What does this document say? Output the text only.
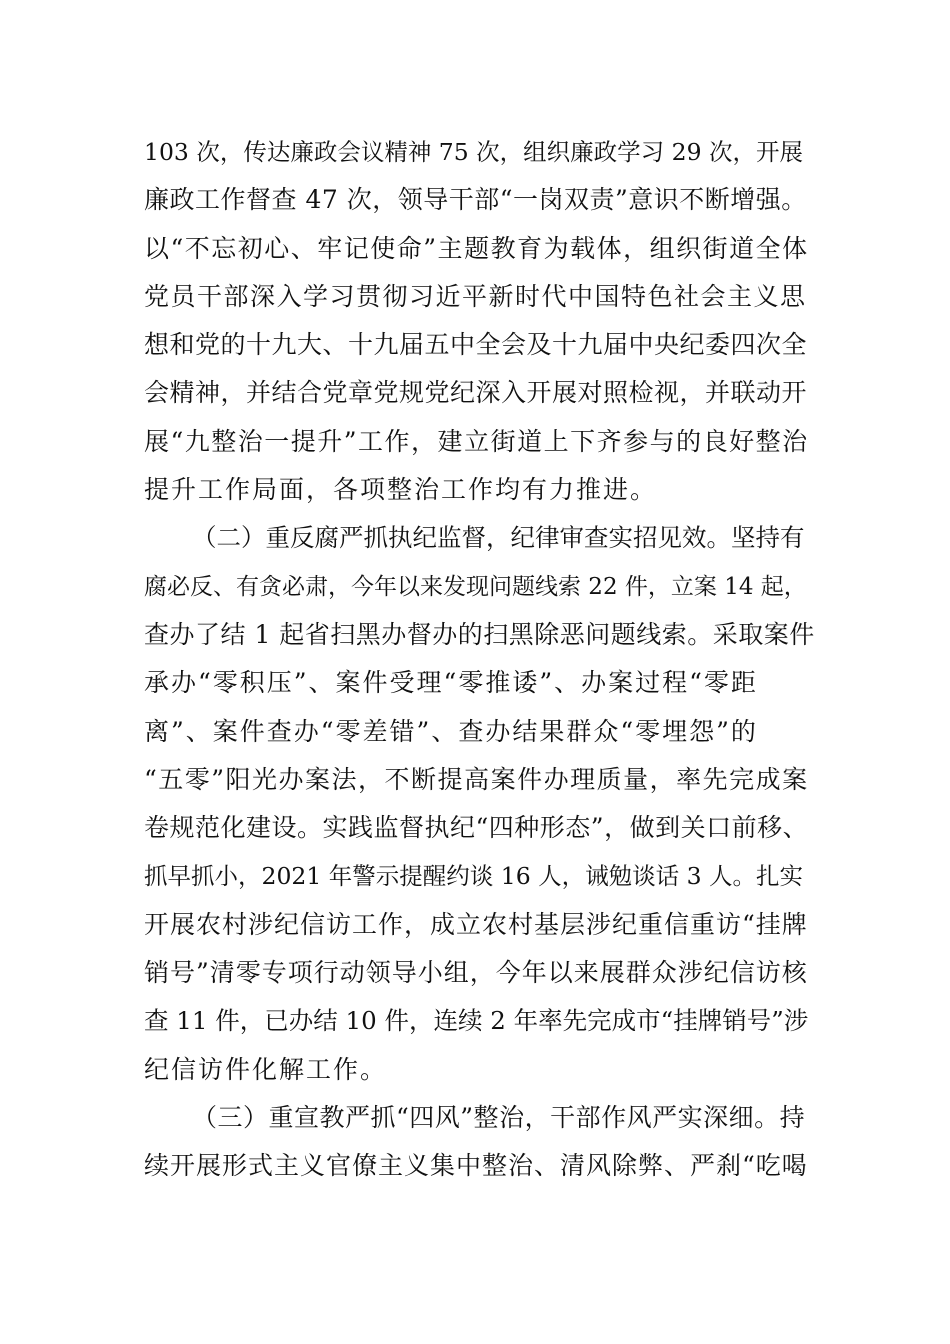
103 次，传达廉政会议精神 75 次，组织廉政学习 29 次，开展
廉政工作督查 47 次，领导干部“一岗双责”意识不断增强。
以“不忘初心、牢记使命”主题教育为载体，组织街道全体
党员干部深入学习贯彻习近平新时代中国特色社会主义思
想和党的十九大、十九届五中全会及十九届中央纪委四次全
会精神，并结合党章党规党纪深入开展对照检视，并联动开
展“九整治一提升”工作，建立街道上下齐参与的良好整治
提升工作局面，各项整治工作均有力推进。
（二）重反腐严抓执纪监督，纪律审查实招见效。坚持有
腐必反、有贪必肃，今年以来发现问题线索 22 件，立案 14 起，
查办了结 1 起省扫黑办督办的扫黑除恶问题线索。采取案件
承办“零积压”、案件受理“零推诿”、办案过程“零距
离”、案件查办“零差错”、查办结果群众“零埋怨”的
“五零”阳光办案法，不断提高案件办理质量，率先完成案
卷规范化建设。实践监督执纪“四种形态”，做到关口前移、
抓早抓小，2021 年警示提醒约谈 16 人，诫勉谈话 3 人。扎实
开展农村涉纪信访工作，成立农村基层涉纪重信重访“挂牌
销号”清零专项行动领导小组，今年以来展群众涉纪信访核
查 11 件，已办结 10 件，连续 2 年率先完成市“挂牌销号”涉
纪信访件化解工作。
（三）重宣教严抓“四风”整治，干部作风严实深细。持
续开展形式主义官僚主义集中整治、清风除弊、严刹“吃喝
